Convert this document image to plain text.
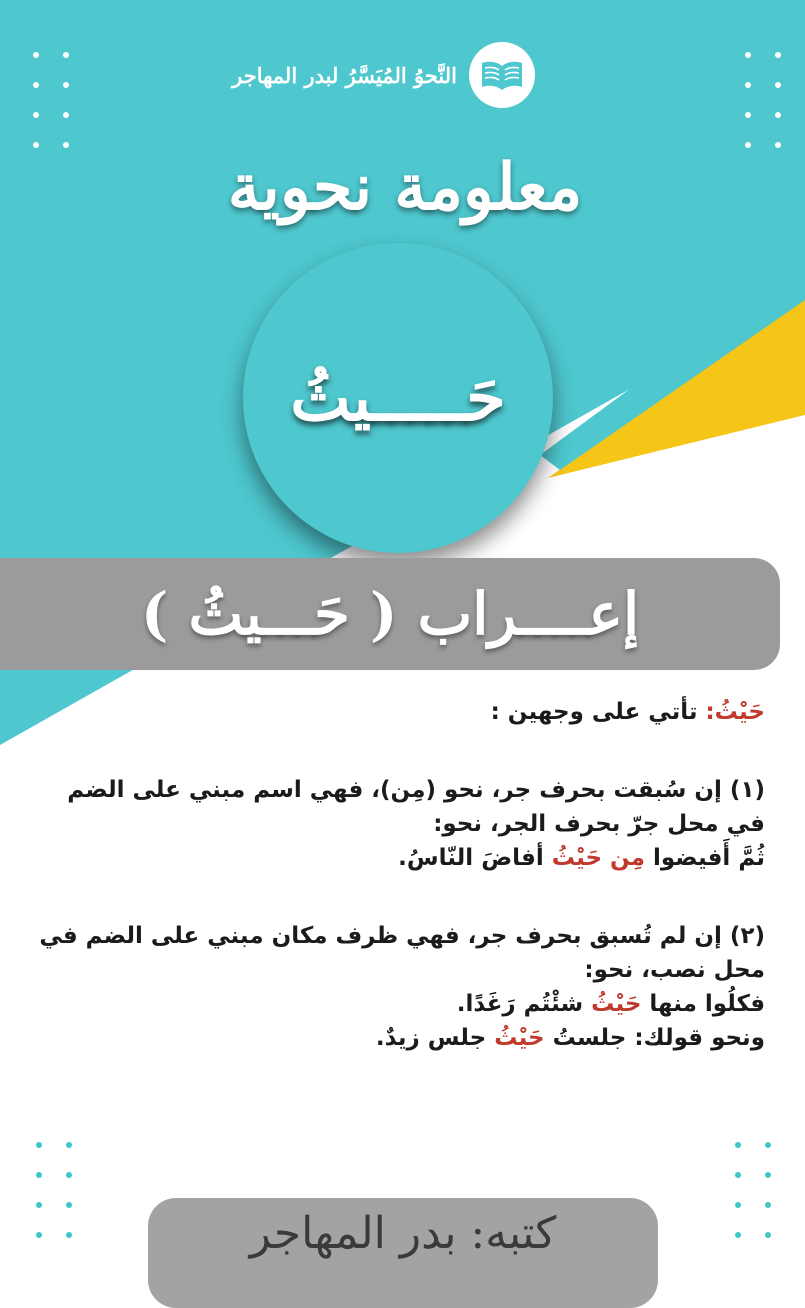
النَّحوُ المُيَسَّرُ لبدر المهاجر
معلومة نحوية
حَـــــيثُ
إعــــراب ( حَـــيثُ )

حَيْثُ: تأتي على وجهين :

(١) إن سُبقت بحرف جر، نحو (مِن)، فهي اسم مبني على الضم في محل جرّ بحرف الجر، نحو:

ثُمَّ أَفيضوا مِن حَيْثُ أفاضَ النّاسُ.

(٢) إن لم تُسبق بحرف جر، فهي ظرف مكان مبني على الضم في محل نصب، نحو:

فكلُوا منها حَيْثُ شئْتُم رَغَدًا.

ونحو قولك: جلستُ حَيْثُ جلس زيدٌ.

كتبه: بدر المهاجر
